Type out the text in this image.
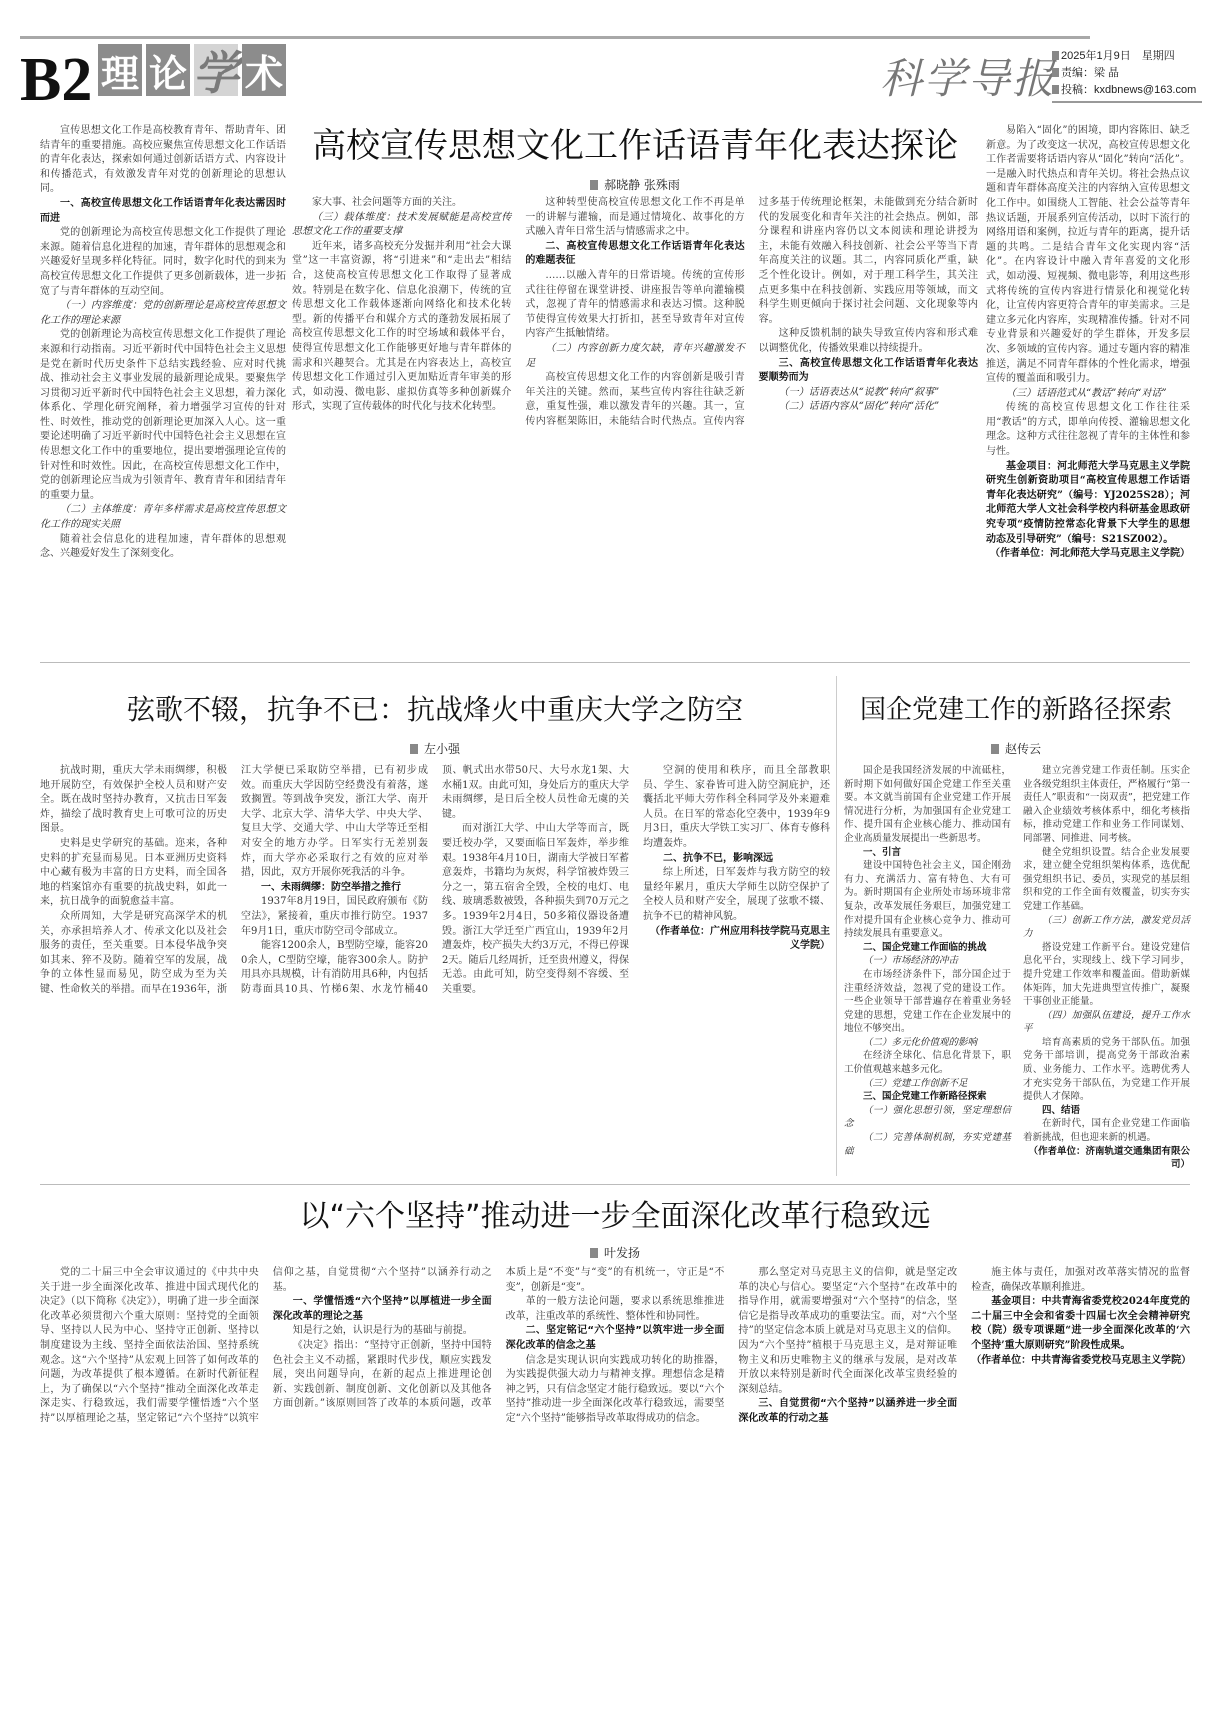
B2 理 论 学 术	科学导报 2025年1月9日　星期四
责编：梁 晶
投稿：kxdbnews@163.com

宣传思想文化工作是高校教育青年、帮助青年、团结青年的重要措施。高校应聚焦宣传思想文化工作话语的青年化表达，探索如何通过创新话语方式、内容设计和传播范式，有效激发青年对党的创新理论的思想认同。

一、高校宣传思想文化工作话语青年化表达需因时而进

党的创新理论为高校宣传思想文化工作提供了理论来源。随着信息化进程的加速，青年群体的思想观念和兴趣爱好呈现多样化特征。同时，数字化时代的到来为高校宣传思想文化工作提供了更多创新载体，进一步拓宽了与青年群体的互动空间。

（一）内容维度：党的创新理论是高校宣传思想文化工作的理论来源

党的创新理论为高校宣传思想文化工作提供了理论来源和行动指南。习近平新时代中国特色社会主义思想是党在新时代历史条件下总结实践经验、应对时代挑战、推动社会主义事业发展的最新理论成果。要聚焦学习贯彻习近平新时代中国特色社会主义思想，着力深化体系化、学理化研究阐释，着力增强学习宣传的针对性、时效性，推动党的创新理论更加深入人心。这一重要论述明确了习近平新时代中国特色社会主义思想在宣传思想文化工作中的重要地位，提出要增强理论宣传的针对性和时效性。因此，在高校宣传思想文化工作中，党的创新理论应当成为引领青年、教育青年和团结青年的重要力量。

（二）主体维度：青年多样需求是高校宣传思想文化工作的现实关照

随着社会信息化的进程加速，青年群体的思想观念、兴趣爱好发生了深刻变化。

高校宣传思想文化工作话语青年化表达探论
郝晓静 张殊雨

家大事、社会问题等方面的关注。

（三）载体维度：技术发展赋能是高校宣传思想文化工作的重要支撑

近年来，诸多高校充分发掘并利用“社会大课堂”这一丰富资源，将“引进来”和“走出去”相结合，这使高校宣传思想文化工作取得了显著成效。特别是在数字化、信息化浪潮下，传统的宣传思想文化工作载体逐渐向网络化和技术化转型。新的传播平台和媒介方式的蓬勃发展拓展了高校宣传思想文化工作的时空场域和载体平台，使得宣传思想文化工作能够更好地与青年群体的需求和兴趣契合。尤其是在内容表达上，高校宣传思想文化工作通过引入更加贴近青年审美的形式，如动漫、微电影、虚拟仿真等多种创新媒介形式，实现了宣传载体的时代化与技术化转型。

这种转型使高校宣传思想文化工作不再是单一的讲解与灌输，而是通过情境化、故事化的方式融入青年日常生活与情感需求之中。

二、高校宣传思想文化工作话语青年化表达的难题表征

……以融入青年的日常语境。传统的宣传形式往往停留在课堂讲授、讲座报告等单向灌输模式，忽视了青年的情感需求和表达习惯。这种脱节使得宣传效果大打折扣，甚至导致青年对宣传内容产生抵触情绪。

（二）内容创新力度欠缺，青年兴趣激发不足

高校宣传思想文化工作的内容创新是吸引青年关注的关键。然而，某些宣传内容往往缺乏新意，重复性强，难以激发青年的兴趣。其一，宣传内容框架陈旧，未能结合时代热点。宣传内容过多基于传统理论框架，未能做到充分结合新时代的发展变化和青年关注的社会热点。例如，部分课程和讲座内容仍以文本阅读和理论讲授为主，未能有效融入科技创新、社会公平等当下青年高度关注的议题。其二，内容同质化严重，缺乏个性化设计。例如，对于理工科学生，其关注点更多集中在科技创新、实践应用等领域，而文科学生则更倾向于探讨社会问题、文化现象等内容。

这种反馈机制的缺失导致宣传内容和形式难以调整优化，传播效果难以持续提升。

三、高校宣传思想文化工作话语青年化表达要顺势而为

（一）话语表达从“说教”转向“叙事”

（二）话语内容从“固化”转向“活化”

易陷入“固化”的困境，即内容陈旧、缺乏新意。为了改变这一状况，高校宣传思想文化工作者需要将话语内容从“固化”转向“活化”。一是融入时代热点和青年关切。将社会热点议题和青年群体高度关注的内容纳入宣传思想文化工作中。如围绕人工智能、社会公益等青年热议话题，开展系列宣传活动，以时下流行的网络用语和案例，拉近与青年的距离，提升话题的共鸣。二是结合青年文化实现内容“活化”。在内容设计中融入青年喜爱的文化形式，如动漫、短视频、微电影等，利用这些形式将传统的宣传内容进行情景化和视觉化转化，让宣传内容更符合青年的审美需求。三是建立多元化内容库，实现精准传播。针对不同专业背景和兴趣爱好的学生群体，开发多层次、多领域的宣传内容。通过专题内容的精准推送，满足不同青年群体的个性化需求，增强宣传的覆盖面和吸引力。

（三）话语范式从“教话”转向“对话”

传统的高校宣传思想文化工作往往采用“教话”的方式，即单向传授、灌输思想文化理念。这种方式往往忽视了青年的主体性和参与性。

基金项目：河北师范大学马克思主义学院研究生创新资助项目“高校宣传思想工作话语青年化表达研究”（编号：YJ2025S28）；河北师范大学人文社会科学校内科研基金思政研究专项“疫情防控常态化背景下大学生的思想动态及引导研究”（编号：S21SZ002）。

（作者单位：河北师范大学马克思主义学院）

弦歌不辍，抗争不已：抗战烽火中重庆大学之防空
左小强

抗战时期，重庆大学未雨绸缪，积极地开展防空，有效保护全校人员和财产安全。既在战时坚持办教育，又抗击日军轰炸，描绘了战时教育史上可歌可泣的历史图景。

史料是史学研究的基础。迩来，各种史料的扩充显而易见。日本亚洲历史资料中心藏有极为丰富的日方史料，而全国各地的档案馆亦有重要的抗战史料，如此一来，抗日战争的面貌愈益丰富。

众所周知，大学是研究高深学术的机关，亦承担培养人才、传承文化以及社会服务的责任，至关重要。日本侵华战争突如其来、猝不及防。随着空军的发展，战争的立体性显而易见，防空成为至为关键、性命攸关的举措。而早在1936年，浙江大学便已采取防空举措，已有初步成效。而重庆大学因防空经费没有着落，遂致搁置。等到战争突发，浙江大学、南开大学、北京大学、清华大学、中央大学、复旦大学、交通大学、中山大学等迁至相对安全的地方办学。日军实行无差别轰炸，而大学亦必采取行之有效的应对举措，因此，双方开展你死我活的斗争。

一、未雨绸缪：防空举措之推行

1937年8月19日，国民政府颁布《防空法》，紧接着，重庆市推行防空。1937年9月1日，重庆市防空司令部成立。

能容1200余人，B型防空壕，能容200余人，C型防空壕，能容300余人。防护用具亦具规模，计有消防用具6种，内包括防毒面具10具、竹梯6架、水龙竹桶40顶、帆式出水带50尺、大号水龙1架、大水桶1双。由此可知，身处后方的重庆大学未雨绸缪，是日后全校人员性命无虞的关键。

而对浙江大学、中山大学等而言，既要迁校办学，又要面临日军轰炸，举步维艰。1938年4月10日，湖南大学被日军蓄意轰炸，书籍均为灰烬，科学馆被炸毁三分之一，第五宿舍全毁，全校的电灯、电线、玻璃悉数被毁，各种损失到70万元之多。1939年2月4日，50多箱仪器设备遭毁。浙江大学迁至广西宜山，1939年2月遭轰炸，校产损失大约3万元，不得已停课2天。随后几经周折，迁至贵州遵义，得保无恙。由此可知，防空变得刻不容缓、至关重要。

空洞的使用和秩序，而且全部教职员、学生、家眷皆可进入防空洞庇护，还囊括北平师大劳作科全科同学及外来避难人员。在日军的常态化空袭中，1939年9月3日，重庆大学铁工实习厂、体育专修科均遭轰炸。

二、抗争不已，影响深远

综上所述，日军轰炸与我方防空的较量经年累月，重庆大学师生以防空保护了全校人员和财产安全，展现了弦歌不辍、抗争不已的精神风貌。

（作者单位：广州应用科技学院马克思主义学院）

国企党建工作的新路径探索
赵传云

国企是我国经济发展的中流砥柱，新时期下如何做好国企党建工作至关重要。本文就当前国有企业党建工作开展情况进行分析，为加强国有企业党建工作、提升国有企业核心能力、推动国有企业高质量发展提出一些新思考。

一、引言

建设中国特色社会主义，国企刚劲有力、充满活力、富有特色、大有可为。新时期国有企业所处市场环境非常复杂，改革发展任务艰巨，加强党建工作对提升国有企业核心竞争力、推动可持续发展具有重要意义。

二、国企党建工作面临的挑战

（一）市场经济的冲击

在市场经济条件下，部分国企过于注重经济效益，忽视了党的建设工作。一些企业领导干部普遍存在着重业务轻党建的思想，党建工作在企业发展中的地位不够突出。

（二）多元化价值观的影响

在经济全球化、信息化背景下，职工价值观越来越多元化。

（三）党建工作创新不足

三、国企党建工作新路径探索

（一）强化思想引领，坚定理想信念

（二）完善体制机制，夯实党建基础

建立完善党建工作责任制。压实企业各级党组织主体责任，严格履行“第一责任人”职责和“一岗双责”，把党建工作融入企业绩效考核体系中，细化考核指标，推动党建工作和业务工作同谋划、同部署、同推进、同考核。

健全党组织设置。结合企业发展要求，建立健全党组织架构体系，选优配强党组织书记、委员，实现党的基层组织和党的工作全面有效覆盖，切实夯实党建工作基础。

（三）创新工作方法，激发党员活力

搭设党建工作新平台。建设党建信息化平台，实现线上、线下学习同步，提升党建工作效率和覆盖面。借助新媒体矩阵，加大先进典型宣传推广，凝聚干事创业正能量。

（四）加强队伍建设，提升工作水平

培育高素质的党务干部队伍。加强党务干部培训，提高党务干部政治素质、业务能力、工作水平。选聘优秀人才充实党务干部队伍，为党建工作开展提供人才保障。

四、结语

在新时代，国有企业党建工作面临着新挑战，但也迎来新的机遇。

（作者单位：济南轨道交通集团有限公司）

以“六个坚持”推动进一步全面深化改革行稳致远
叶发扬

党的二十届三中全会审议通过的《中共中央关于进一步全面深化改革、推进中国式现代化的决定》（以下简称《决定》），明确了进一步全面深化改革必须贯彻六个重大原则：坚持党的全面领导、坚持以人民为中心、坚持守正创新、坚持以制度建设为主线、坚持全面依法治国、坚持系统观念。这“六个坚持”从宏观上回答了如何改革的问题，为改革提供了根本遵循。在新时代新征程上，为了确保以“六个坚持”推动全面深化改革走深走实、行稳致远，我们需要学懂悟透“六个坚持”以厚植理论之基，坚定铭记“六个坚持”以筑牢信仰之基，自觉贯彻“六个坚持”以涵养行动之基。

一、学懂悟透“六个坚持”以厚植进一步全面深化改革的理论之基

知是行之始，认识是行为的基础与前提。

《决定》指出：“坚持守正创新，坚持中国特色社会主义不动摇，紧跟时代步伐，顺应实践发展，突出问题导向，在新的起点上推进理论创新、实践创新、制度创新、文化创新以及其他各方面创新。”该原则回答了改革的本质问题，改革本质上是“不变”与“变”的有机统一，守正是“不变”，创新是“变”。

革的一般方法论问题，要求以系统思维推进改革，注重改革的系统性、整体性和协同性。

二、坚定铭记“六个坚持”以筑牢进一步全面深化改革的信念之基

信念是实现认识向实践成功转化的助推器，为实践提供强大动力与精神支撑。理想信念是精神之钙，只有信念坚定才能行稳致远。要以“六个坚持”推动进一步全面深化改革行稳致远，需要坚定“六个坚持”能够指导改革取得成功的信念。

那么坚定对马克思主义的信仰，就是坚定改革的决心与信心。要坚定“六个坚持”在改革中的指导作用，就需要增强对“六个坚持”的信念，坚信它是指导改革成功的重要法宝。而，对“六个坚持”的坚定信念本质上就是对马克思主义的信仰。因为“六个坚持”植根于马克思主义，是对辩证唯物主义和历史唯物主义的继承与发展，是对改革开放以来特别是新时代全面深化改革宝贵经验的深刻总结。

三、自觉贯彻“六个坚持”以涵养进一步全面深化改革的行动之基

施主体与责任，加强对改革落实情况的监督检查，确保改革顺利推进。

基金项目：中共青海省委党校2024年度党的二十届三中全会和省委十四届七次全会精神研究校（院）级专项课题“进一步全面深化改革的‘六个坚持’重大原则研究”阶段性成果。

（作者单位：中共青海省委党校马克思主义学院）
